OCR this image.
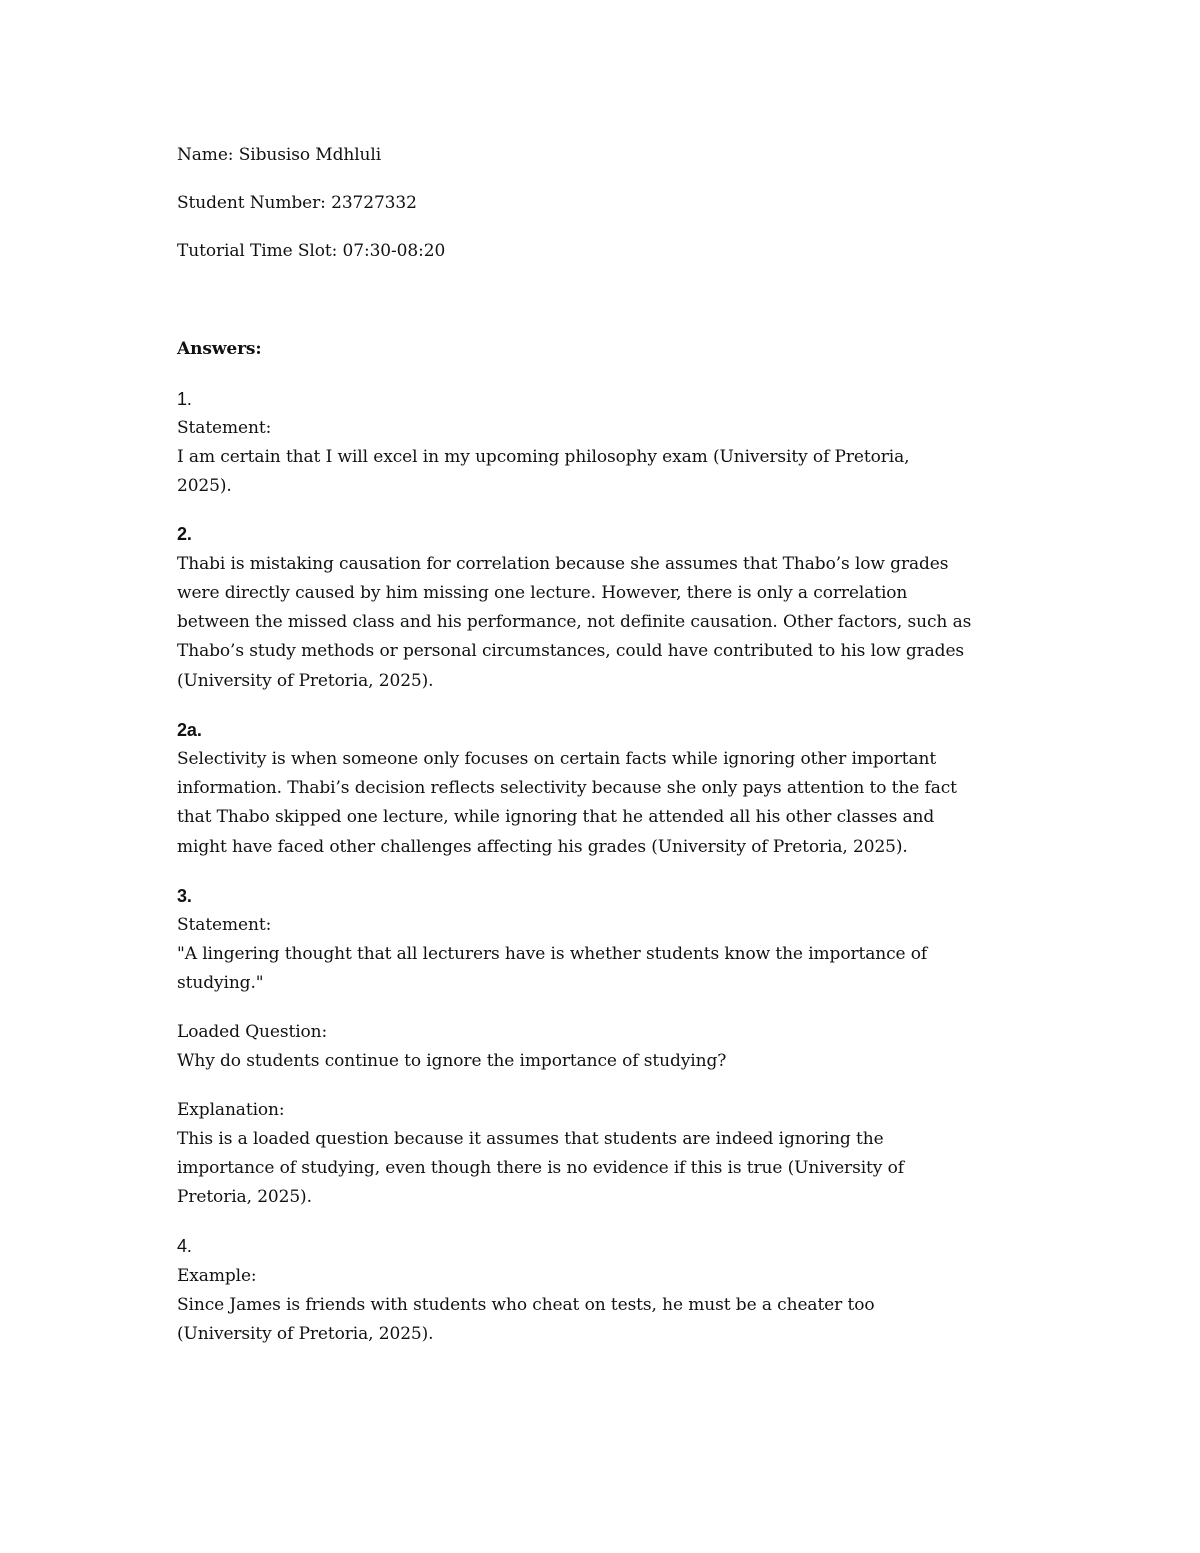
Name: Sibusiso Mdhluli
Student Number: 23727332
Tutorial Time Slot: 07:30-08:20
Answers:
1.
Statement:
I am certain that I will excel in my upcoming philosophy exam (University of Pretoria,
2025).
2.
Thabi is mistaking causation for correlation because she assumes that Thabo’s low grades
were directly caused by him missing one lecture. However, there is only a correlation
between the missed class and his performance, not definite causation. Other factors, such as
Thabo’s study methods or personal circumstances, could have contributed to his low grades
(University of Pretoria, 2025).
2a.
Selectivity is when someone only focuses on certain facts while ignoring other important
information. Thabi’s decision reflects selectivity because she only pays attention to the fact
that Thabo skipped one lecture, while ignoring that he attended all his other classes and
might have faced other challenges affecting his grades (University of Pretoria, 2025).
3.
Statement:
"A lingering thought that all lecturers have is whether students know the importance of
studying."
Loaded Question:
Why do students continue to ignore the importance of studying?
Explanation:
This is a loaded question because it assumes that students are indeed ignoring the
importance of studying, even though there is no evidence if this is true (University of
Pretoria, 2025).
4.
Example:
Since James is friends with students who cheat on tests, he must be a cheater too
(University of Pretoria, 2025).
